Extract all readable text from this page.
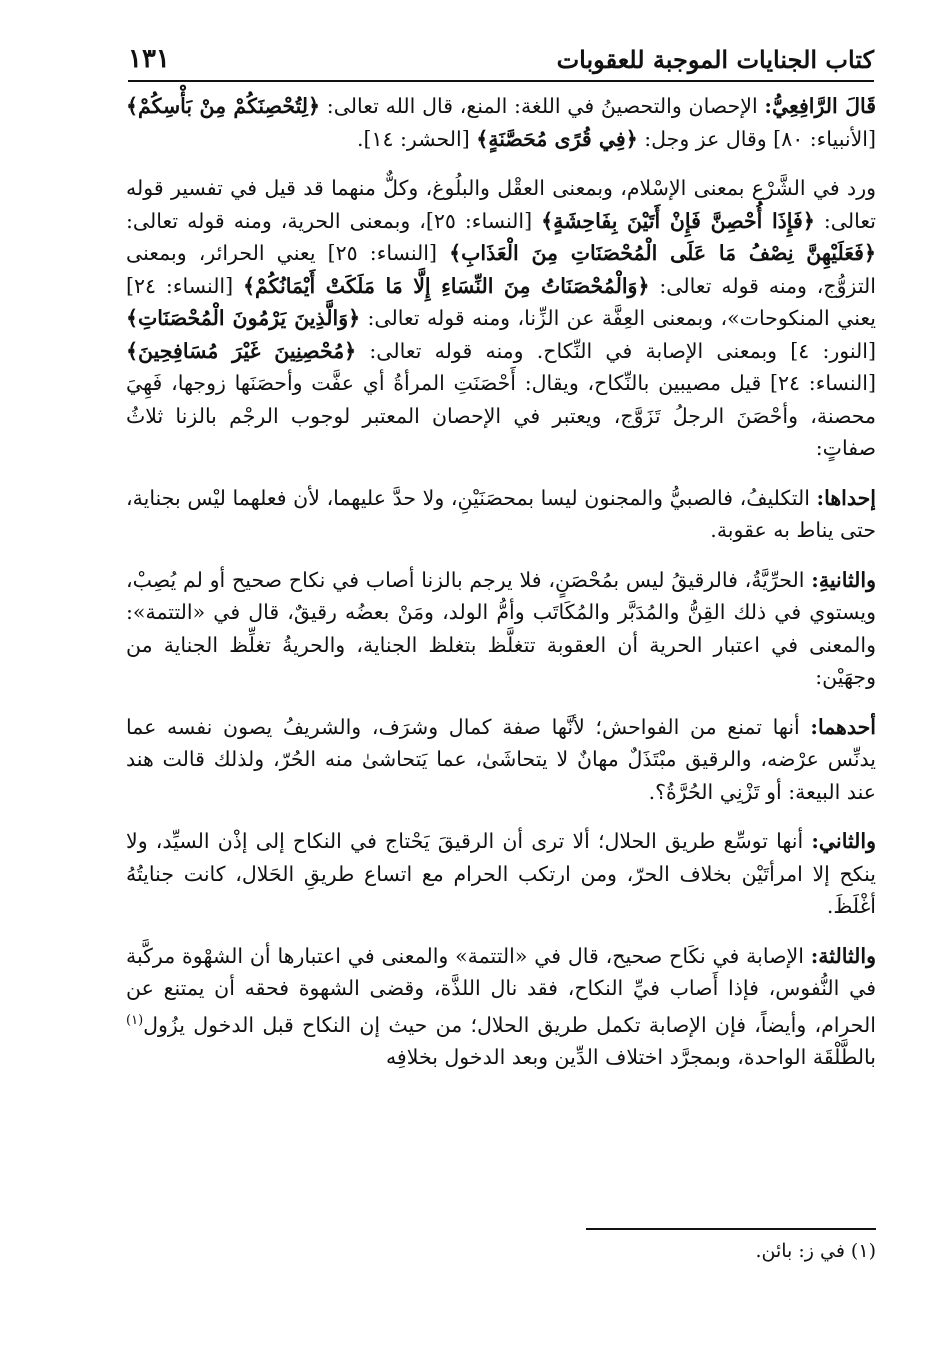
كتاب الجنايات الموجبة للعقوبات
١٣١

قَالَ الرَّافِعِيُّ: الإحصان والتحصينُ في اللغة: المنع، قال الله تعالى: ﴿لِتُحْصِنَكُمْ مِنْ بَأْسِكُمْ﴾ [الأنبياء: ٨٠] وقال عز وجل: ﴿فِي قُرًى مُحَصَّنَةٍ﴾ [الحشر: ١٤].

ورد في الشَّرْع بمعنى الإسْلام، وبمعنى العقْل والبلُوغ، وكلٌّ منهما قد قيل في تفسير قوله تعالى: ﴿فَإِذَا أُحْصِنَّ فَإِنْ أَتَيْنَ بِفَاحِشَةٍ﴾ [النساء: ٢٥]، وبمعنى الحرية، ومنه قوله تعالى: ﴿فَعَلَيْهِنَّ نِصْفُ مَا عَلَى الْمُحْصَنَاتِ مِنَ الْعَذَابِ﴾ [النساء: ٢٥] يعني الحرائر، وبمعنى التزوُّج، ومنه قوله تعالى: ﴿وَالْمُحْصَنَاتُ مِنَ النِّسَاءِ إِلَّا مَا مَلَكَتْ أَيْمَانُكُمْ﴾ [النساء: ٢٤] يعني المنكوحات»، وبمعنى العِفَّة عن الزِّنا، ومنه قوله تعالى: ﴿وَالَّذِينَ يَرْمُونَ الْمُحْصَنَاتِ﴾ [النور: ٤] وبمعنى الإصابة في النِّكاح. ومنه قوله تعالى: ﴿مُحْصِنِينَ غَيْرَ مُسَافِحِينَ﴾ [النساء: ٢٤] قيل مصيبين بالنِّكاح، ويقال: أَحْصَنَتِ المرأةُ أي عفَّت وأحصَنَها زوجها، فَهِيَ محصنة، وأحْصَنَ الرجلُ تَزَوَّج، ويعتبر في الإحصان المعتبر لوجوب الرجْم بالزنا ثلاثُ صفاتٍ:

إحداها: التكليفُ، فالصبيُّ والمجنون ليسا بمحصَنَيْنِ، ولا حدَّ عليهما، لأن فعلهما ليْس بجناية، حتى يناط به عقوبة.

والثانيةِ: الحرِّيَّةُ، فالرقيقُ ليس بمُحْصَنٍ، فلا يرجم بالزنا أصاب في نكاح صحيح أو لم يُصِبْ، ويستوي في ذلك القِنُّ والمُدَبَّر والمُكَاتَب وأمُّ الولد، ومَنْ بعضُه رقيقٌ، قال في «التتمة»: والمعنى في اعتبار الحرية أن العقوبة تتغلَّظ بتغلظ الجناية، والحريةُ تغلِّظ الجناية من وجهَيْن:

أحدهما: أنها تمنع من الفواحش؛ لأنَّها صفة كمال وشرَف، والشريفُ يصون نفسه عما يدنِّس عرْضه، والرقيق مبْتَذَلٌ مهانٌ لا يتحاشَىٰ، عما يَتحاشىٰ منه الحُرّ، ولذلك قالت هند عند البيعة: أو تَزْنِي الحُرَّةُ؟.

والثاني: أنها توسِّع طريق الحلال؛ ألا ترى أن الرقيقَ يَحْتاج في النكاح إلى إذْن السيِّد، ولا ينكح إلا امرأتَيْن بخلاف الحرّ، ومن ارتكب الحرام مع اتساع طريقِ الحَلال، كانت جنايتُهُ أغْلَظَ.

والثالثة: الإصابة في نكَاح صحيح، قال في «التتمة» والمعنى في اعتبارها أن الشهْوة مركَّبة في النُّفوس، فإذا أَصاب فيِّ النكاح، فقد نال اللذَّة، وقضى الشهوة فحقه أن يمتنع عن الحرام، وأيضاً، فإن الإصابة تكمل طريق الحلال؛ من حيث إن النكاح قبل الدخول يزُول$^{(١)}$ بالطَّلْقَة الواحدة، وبمجرَّد اختلاف الدِّين وبعد الدخول بخلافِه

(١) في ز: بائن.
